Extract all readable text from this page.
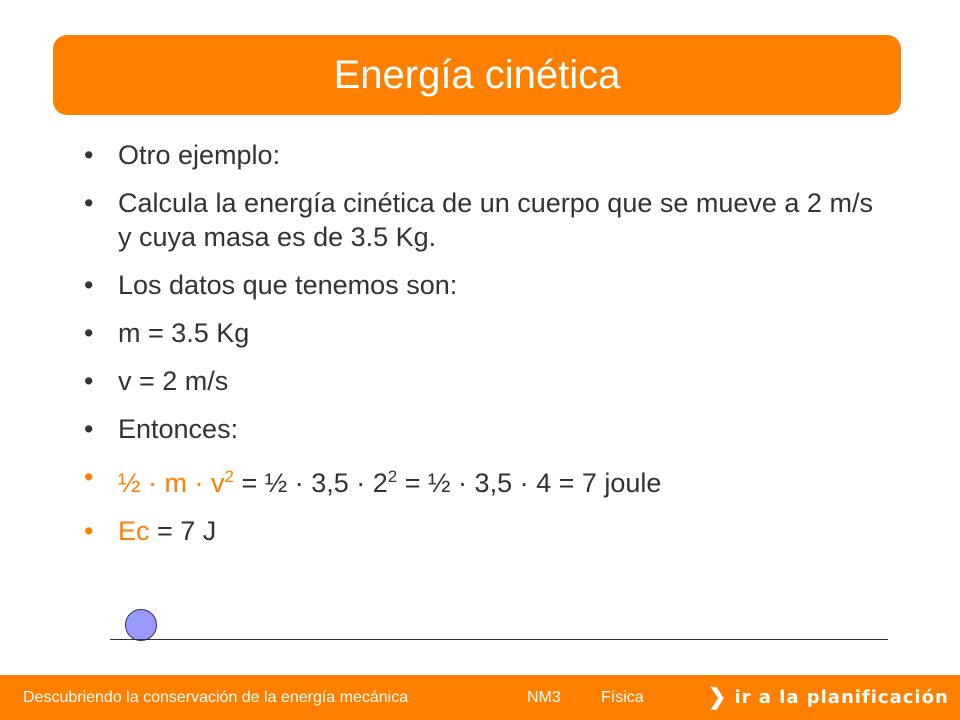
Energía cinética
• Otro ejemplo:
• Calcula la energía cinética de un cuerpo que se mueve a 2 m/s y cuya masa es de 3.5 Kg.
• Los datos que tenemos son:
• m = 3.5 Kg
• v = 2 m/s
• Entonces:
• ½ · $m \cdot v^2$ = ½ · $3,5 \cdot 2^2$ = ½ · 3,5 · 4 = 7 joule
• Ec = 7 J
Descubriendo la conservación de la energía mecánica	NM3	Física	❯ ir a la planificación
